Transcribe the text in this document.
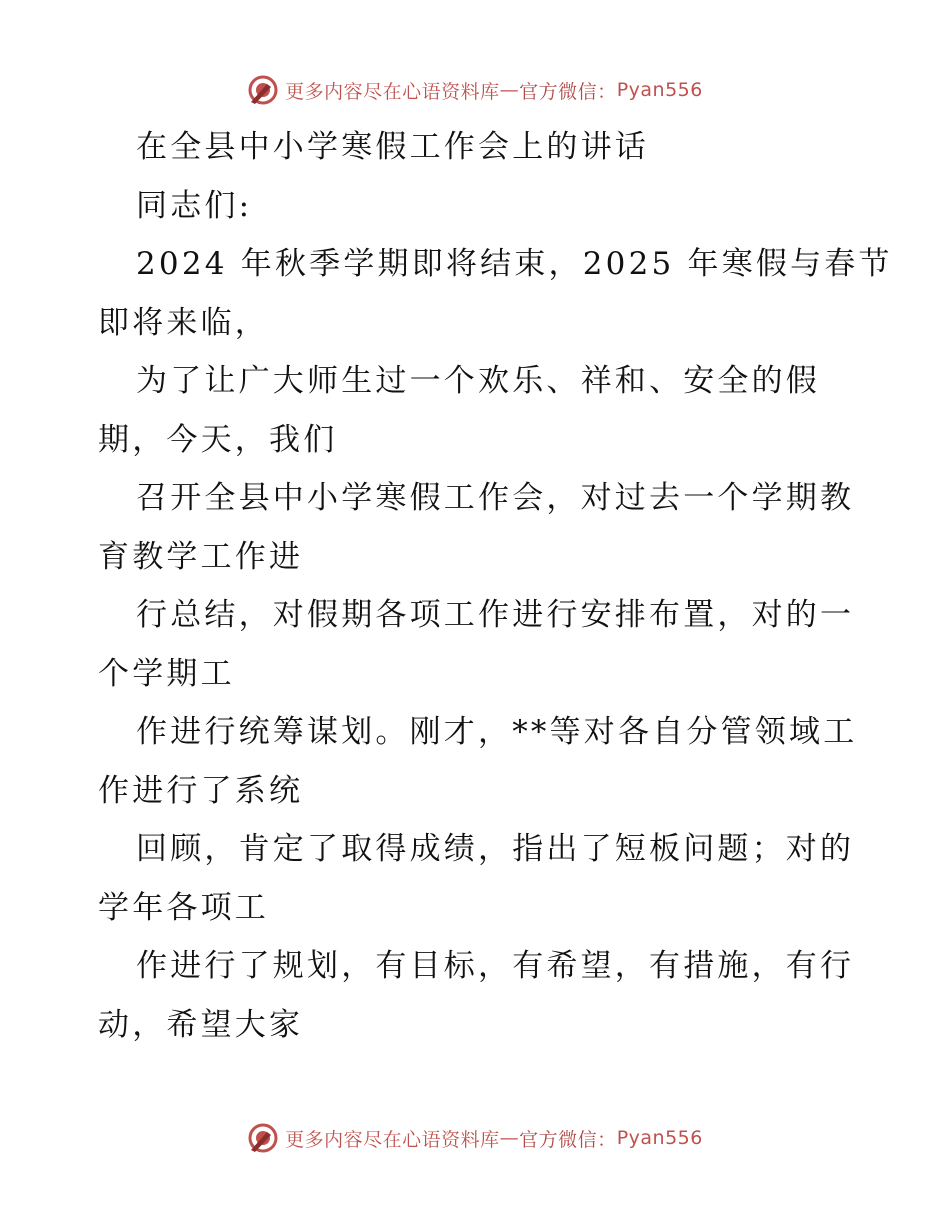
更多内容尽在心语资料库 — 官方微信： Pyan556

在全县中小学寒假工作会上的讲话

同志们:

2024 年秋季学期即将结束，2025 年寒假与春节

即将来临，

为了让广大师生过一个欢乐、祥和、安全的假

期，今天，我们

召开全县中小学寒假工作会，对过去一个学期教

育教学工作进

行总结，对假期各项工作进行安排布置，对的一

个学期工

作进行统筹谋划。刚才，**等对各自分管领域工

作进行了系统

回顾，肯定了取得成绩，指出了短板问题；对的

学年各项工

作进行了规划，有目标，有希望，有措施，有行

动，希望大家

更多内容尽在心语资料库 — 官方微信： Pyan556
